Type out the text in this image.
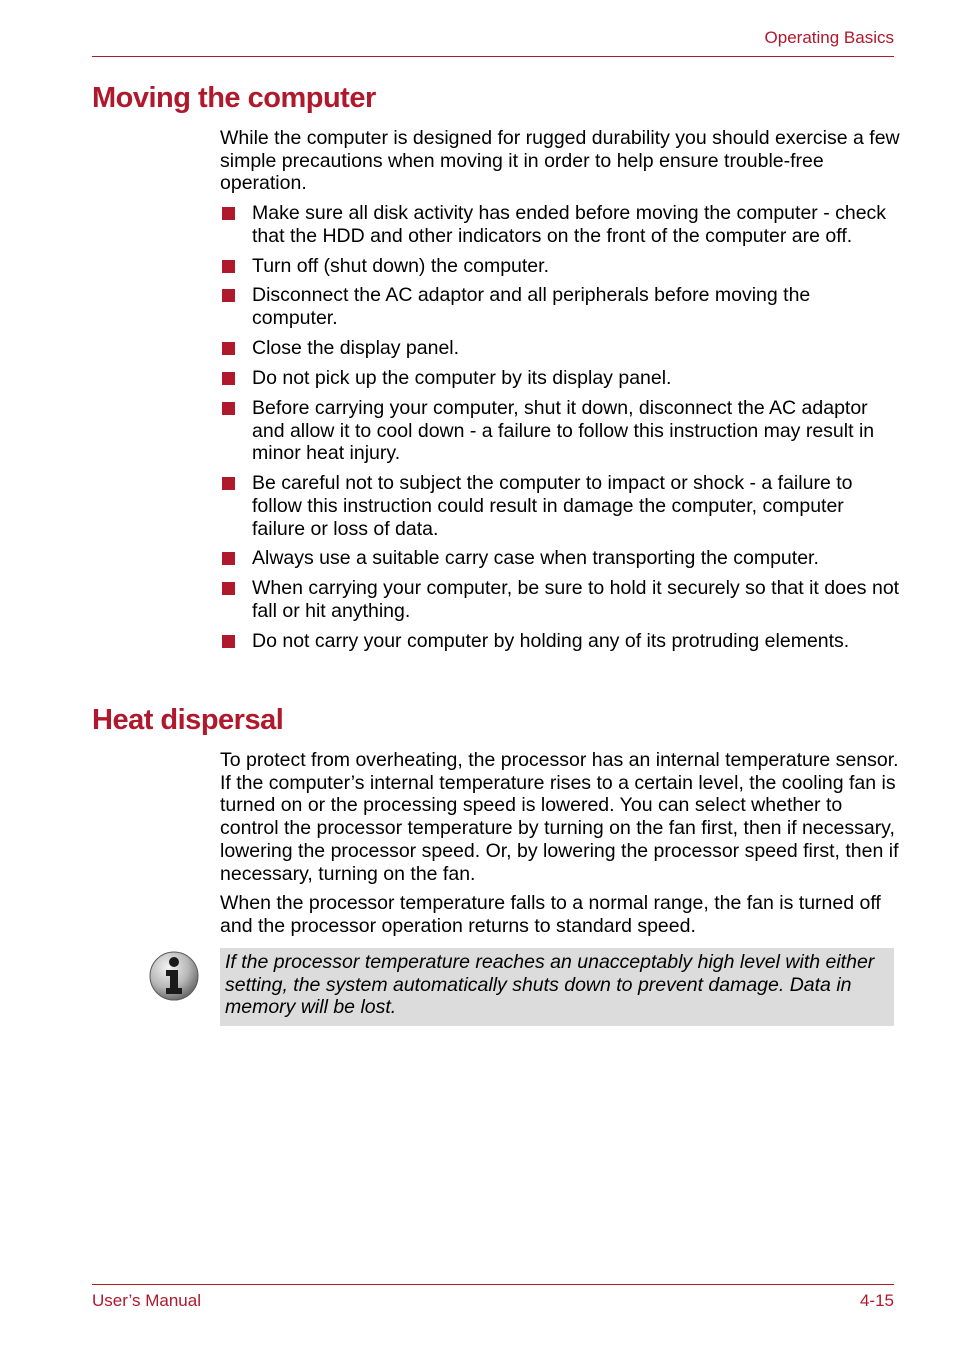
Operating Basics
Moving the computer

While the computer is designed for rugged durability you should exercise a few simple precautions when moving it in order to help ensure trouble-free operation.

Make sure all disk activity has ended before moving the computer - check that the HDD and other indicators on the front of the computer are off.
Turn off (shut down) the computer.
Disconnect the AC adaptor and all peripherals before moving the computer.
Close the display panel.
Do not pick up the computer by its display panel.
Before carrying your computer, shut it down, disconnect the AC adaptor and allow it to cool down - a failure to follow this instruction may result in minor heat injury.
Be careful not to subject the computer to impact or shock - a failure to follow this instruction could result in damage the computer, computer failure or loss of data.
Always use a suitable carry case when transporting the computer.
When carrying your computer, be sure to hold it securely so that it does not fall or hit anything.
Do not carry your computer by holding any of its protruding elements.
Heat dispersal

To protect from overheating, the processor has an internal temperature sensor. If the computer’s internal temperature rises to a certain level, the cooling fan is turned on or the processing speed is lowered. You can select whether to control the processor temperature by turning on the fan first, then if necessary, lowering the processor speed. Or, by lowering the processor speed first, then if necessary, turning on the fan.

When the processor temperature falls to a normal range, the fan is turned off and the processor operation returns to standard speed.

If the processor temperature reaches an unacceptably high level with either setting, the system automatically shuts down to prevent damage. Data in memory will be lost.
User’s Manual	4-15
